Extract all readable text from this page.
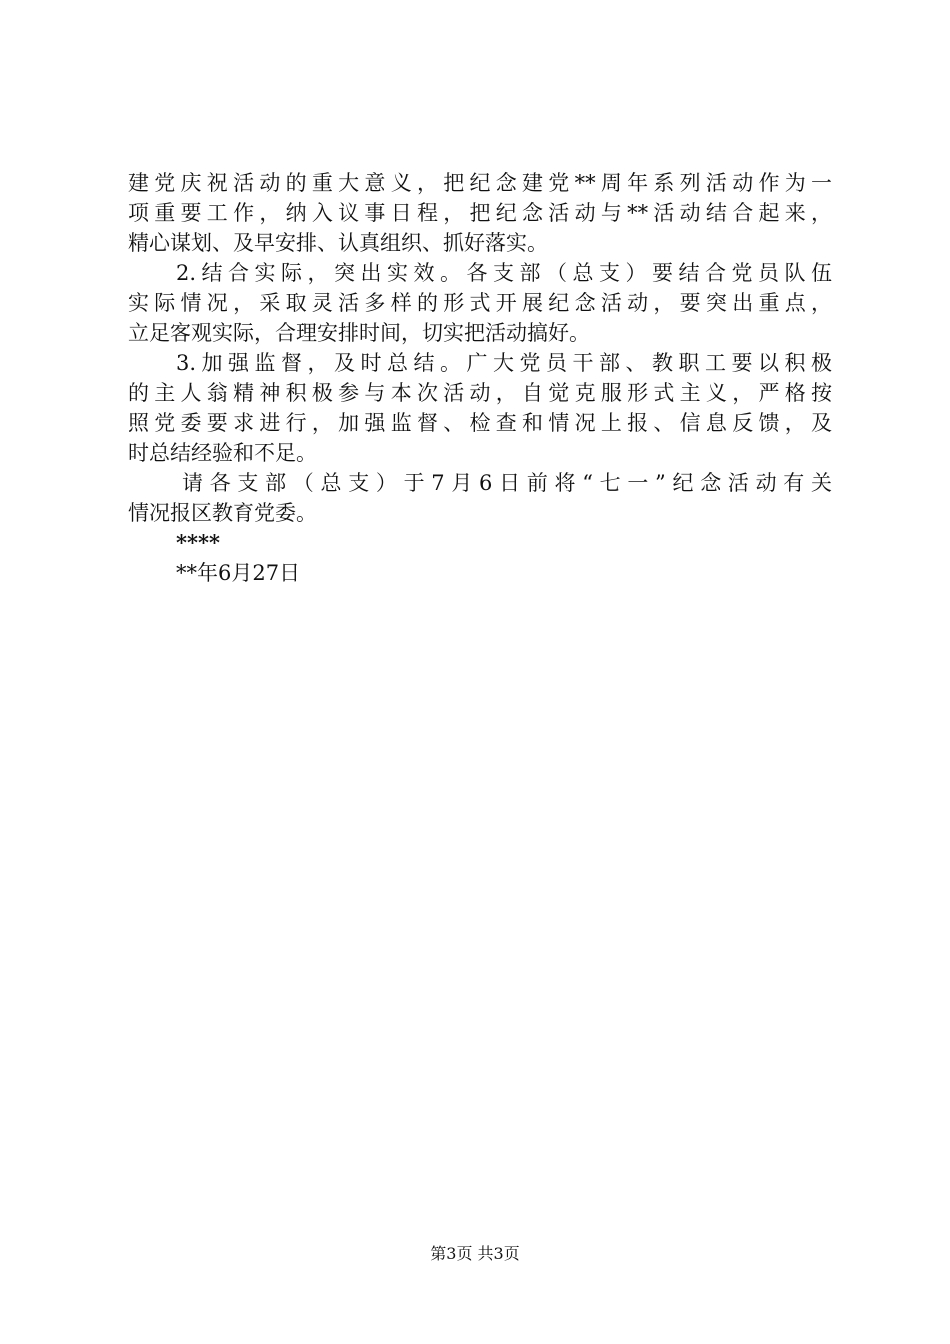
建党庆祝活动的重大意义，把纪念建党**周年系列活动作为一
项重要工作，纳入议事日程，把纪念活动与**活动结合起来，
精心谋划、及早安排、认真组织、抓好落实。
2.结合实际，突出实效。各支部（总支）要结合党员队伍
实际情况，采取灵活多样的形式开展纪念活动，要突出重点，
立足客观实际，合理安排时间，切实把活动搞好。
3.加强监督，及时总结。广大党员干部、教职工要以积极
的主人翁精神积极参与本次活动，自觉克服形式主义，严格按
照党委要求进行，加强监督、检查和情况上报、信息反馈，及
时总结经验和不足。
请各支部（总支）于7月6日前将“七一”纪念活动有关
情况报区教育党委。
****
**年6月27日
第3页 共3页
